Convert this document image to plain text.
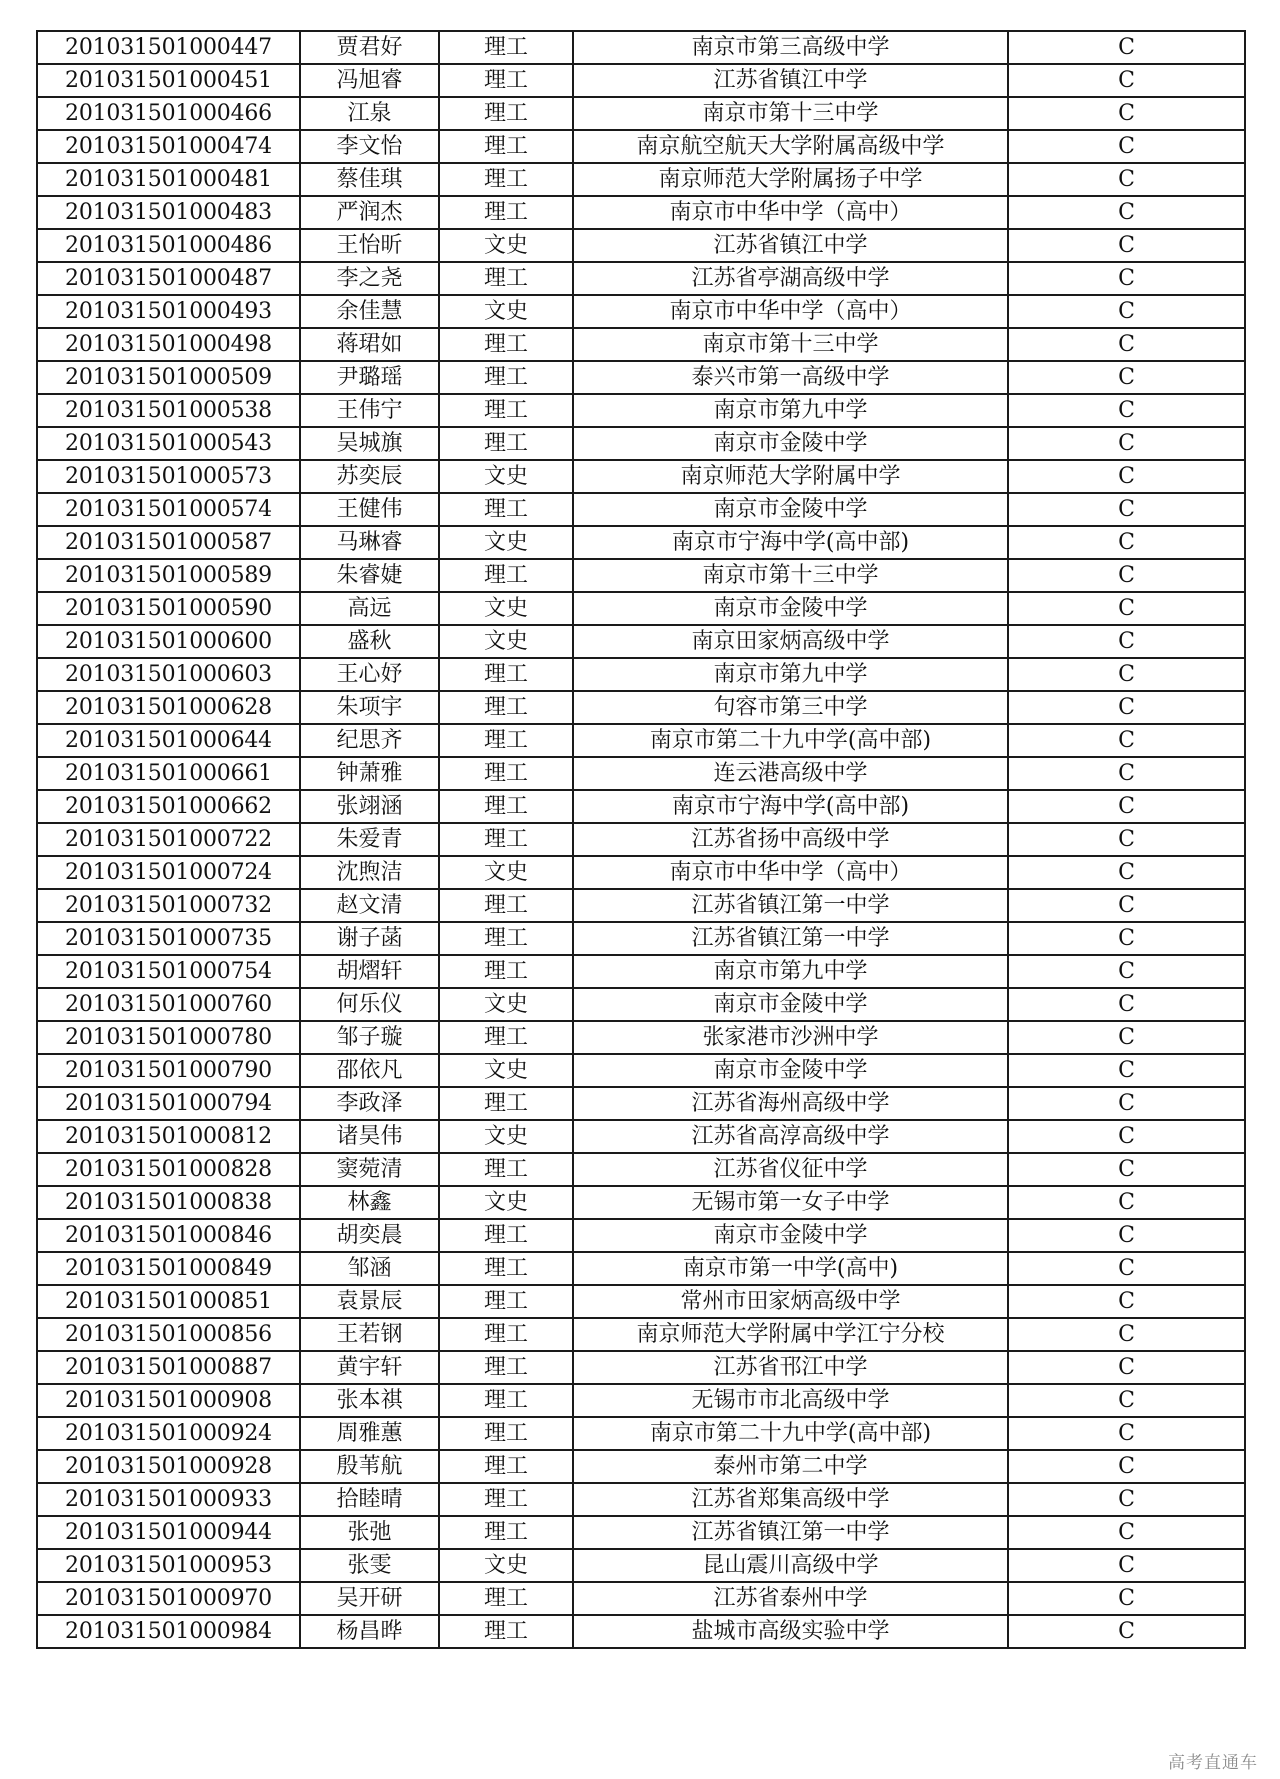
201031501000447	贾君好	理工	南京市第三高级中学	C
201031501000451	冯旭睿	理工	江苏省镇江中学	C
201031501000466	江泉	理工	南京市第十三中学	C
201031501000474	李文怡	理工	南京航空航天大学附属高级中学	C
201031501000481	蔡佳琪	理工	南京师范大学附属扬子中学	C
201031501000483	严润杰	理工	南京市中华中学（高中）	C
201031501000486	王怡昕	文史	江苏省镇江中学	C
201031501000487	李之尧	理工	江苏省亭湖高级中学	C
201031501000493	余佳慧	文史	南京市中华中学（高中）	C
201031501000498	蒋珺如	理工	南京市第十三中学	C
201031501000509	尹璐瑶	理工	泰兴市第一高级中学	C
201031501000538	王伟宁	理工	南京市第九中学	C
201031501000543	吴城旗	理工	南京市金陵中学	C
201031501000573	苏奕辰	文史	南京师范大学附属中学	C
201031501000574	王健伟	理工	南京市金陵中学	C
201031501000587	马琳睿	文史	南京市宁海中学(高中部)	C
201031501000589	朱睿婕	理工	南京市第十三中学	C
201031501000590	高远	文史	南京市金陵中学	C
201031501000600	盛秋	文史	南京田家炳高级中学	C
201031501000603	王心妤	理工	南京市第九中学	C
201031501000628	朱项宇	理工	句容市第三中学	C
201031501000644	纪思齐	理工	南京市第二十九中学(高中部)	C
201031501000661	钟萧雅	理工	连云港高级中学	C
201031501000662	张翊涵	理工	南京市宁海中学(高中部)	C
201031501000722	朱爱青	理工	江苏省扬中高级中学	C
201031501000724	沈煦洁	文史	南京市中华中学（高中）	C
201031501000732	赵文清	理工	江苏省镇江第一中学	C
201031501000735	谢子菡	理工	江苏省镇江第一中学	C
201031501000754	胡熠轩	理工	南京市第九中学	C
201031501000760	何乐仪	文史	南京市金陵中学	C
201031501000780	邹子璇	理工	张家港市沙洲中学	C
201031501000790	邵依凡	文史	南京市金陵中学	C
201031501000794	李政泽	理工	江苏省海州高级中学	C
201031501000812	诸昊伟	文史	江苏省高淳高级中学	C
201031501000828	窦菀清	理工	江苏省仪征中学	C
201031501000838	林鑫	文史	无锡市第一女子中学	C
201031501000846	胡奕晨	理工	南京市金陵中学	C
201031501000849	邹涵	理工	南京市第一中学(高中)	C
201031501000851	袁景辰	理工	常州市田家炳高级中学	C
201031501000856	王若钢	理工	南京师范大学附属中学江宁分校	C
201031501000887	黄宇轩	理工	江苏省邗江中学	C
201031501000908	张本祺	理工	无锡市市北高级中学	C
201031501000924	周雅蕙	理工	南京市第二十九中学(高中部)	C
201031501000928	殷苇航	理工	泰州市第二中学	C
201031501000933	拾睦晴	理工	江苏省郑集高级中学	C
201031501000944	张弛	理工	江苏省镇江第一中学	C
201031501000953	张雯	文史	昆山震川高级中学	C
201031501000970	吴开研	理工	江苏省泰州中学	C
201031501000984	杨昌晔	理工	盐城市高级实验中学	C
高考直通车
